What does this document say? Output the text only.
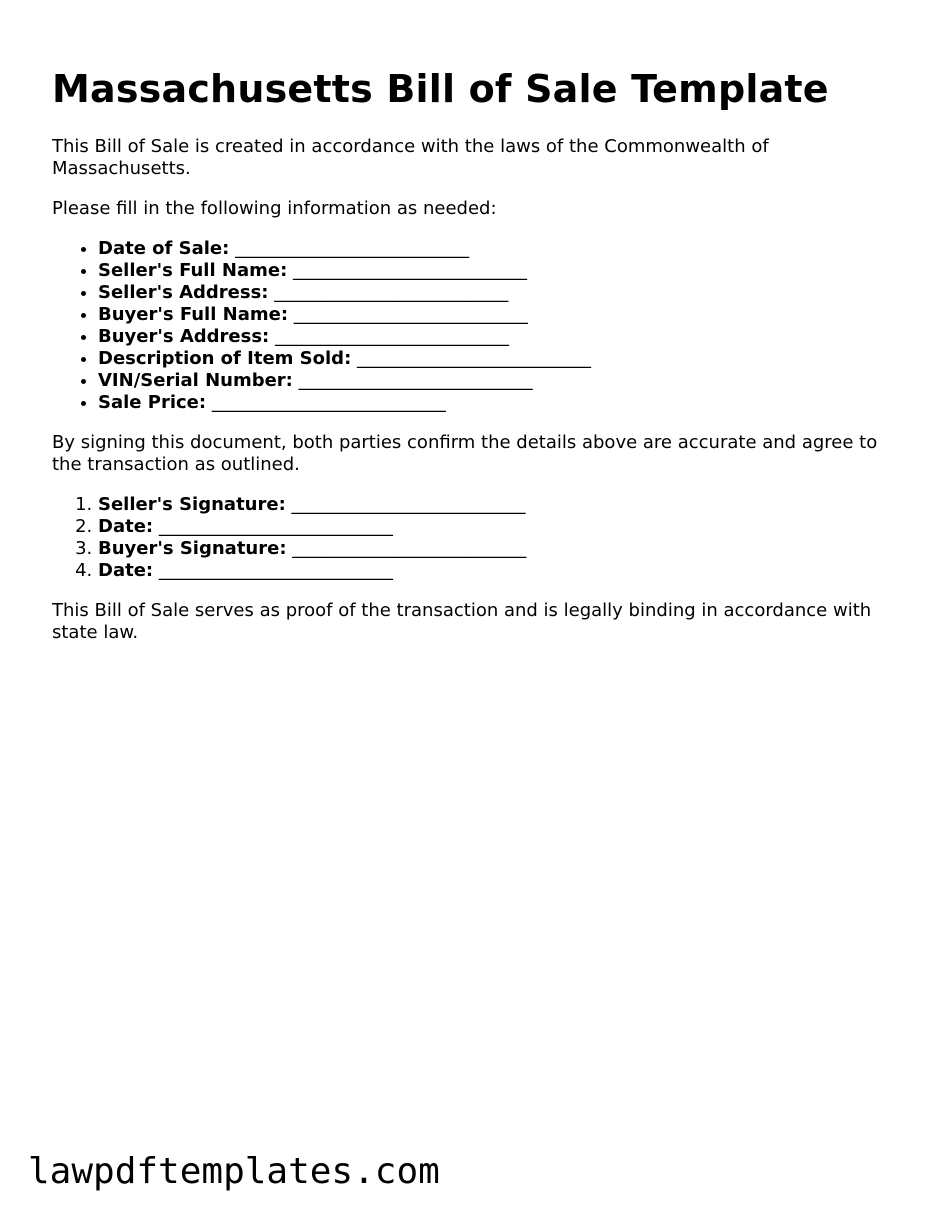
Massachusetts Bill of Sale Template

This Bill of Sale is created in accordance with the laws of the Commonwealth of Massachusetts.

Please fill in the following information as needed:

• Date of Sale: __________________________
• Seller's Full Name: __________________________
• Seller's Address: __________________________
• Buyer's Full Name: __________________________
• Buyer's Address: __________________________
• Description of Item Sold: __________________________
• VIN/Serial Number: __________________________
• Sale Price: __________________________

By signing this document, both parties confirm the details above are accurate and agree to the transaction as outlined.

1. Seller's Signature: __________________________
2. Date: __________________________
3. Buyer's Signature: __________________________
4. Date: __________________________

This Bill of Sale serves as proof of the transaction and is legally binding in accordance with state law.

lawpdftemplates.com
